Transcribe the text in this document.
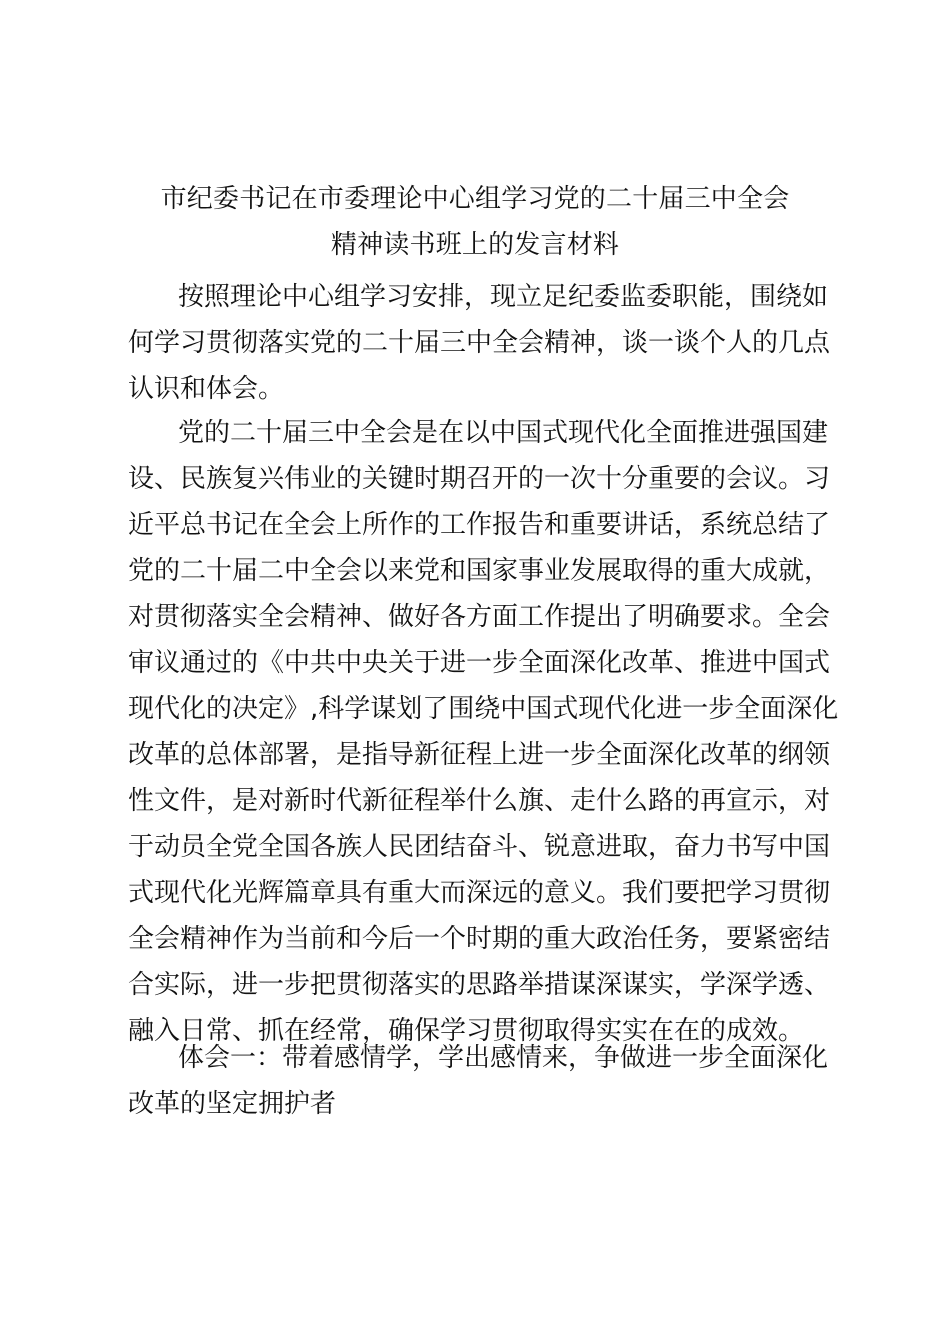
市纪委书记在市委理论中心组学习党的二十届三中全会
精神读书班上的发言材料
按照理论中心组学习安排，现立足纪委监委职能，围绕如
何学习贯彻落实党的二十届三中全会精神，谈一谈个人的几点
认识和体会。
党的二十届三中全会是在以中国式现代化全面推进强国建
设、民族复兴伟业的关键时期召开的一次十分重要的会议。习
近平总书记在全会上所作的工作报告和重要讲话，系统总结了
党的二十届二中全会以来党和国家事业发展取得的重大成就，
对贯彻落实全会精神、做好各方面工作提出了明确要求。全会
审议通过的《中共中央关于进一步全面深化改革、推进中国式
现代化的决定》,科学谋划了围绕中国式现代化进一步全面深化
改革的总体部署，是指导新征程上进一步全面深化改革的纲领
性文件，是对新时代新征程举什么旗、走什么路的再宣示，对
于动员全党全国各族人民团结奋斗、锐意进取，奋力书写中国
式现代化光辉篇章具有重大而深远的意义。我们要把学习贯彻
全会精神作为当前和今后一个时期的重大政治任务，要紧密结
合实际，进一步把贯彻落实的思路举措谋深谋实，学深学透、
融入日常、抓在经常，确保学习贯彻取得实实在在的成效。
体会一：带着感情学，学出感情来，争做进一步全面深化
改革的坚定拥护者
